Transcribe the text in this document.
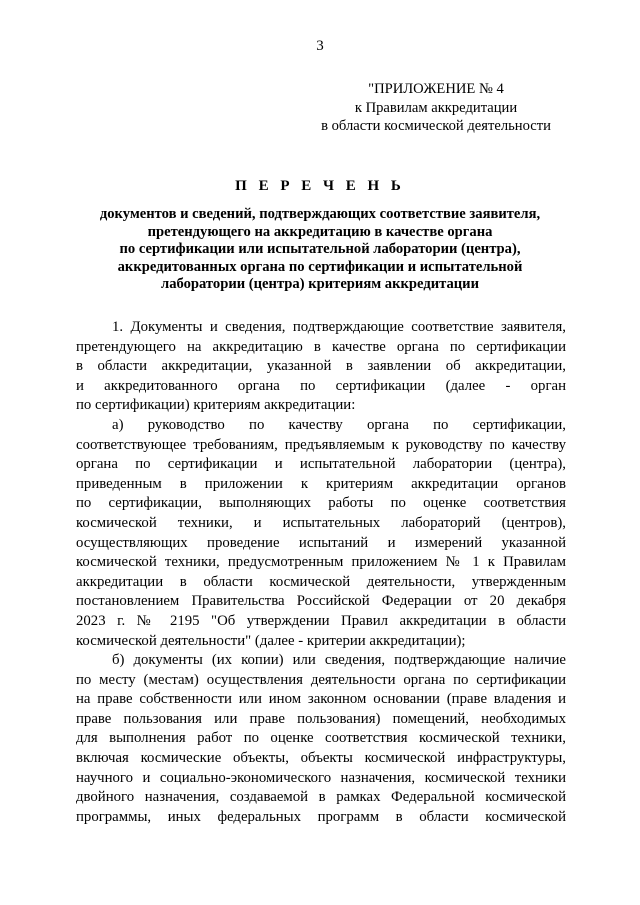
3
"ПРИЛОЖЕНИЕ № 4
к Правилам аккредитации
в области космической деятельности
П Е Р Е Ч Е Н Ь
документов и сведений, подтверждающих соответствие заявителя,
претендующего на аккредитацию в качестве органа
по сертификации или испытательной лаборатории (центра),
аккредитованных органа по сертификации и испытательной
лаборатории (центра) критериям аккредитации
1. Документы и сведения, подтверждающие соответствие заявителя,
претендующего на аккредитацию в качестве органа по сертификации
в области аккредитации, указанной в заявлении об аккредитации,
и аккредитованного органа по сертификации (далее - орган
по сертификации) критериям аккредитации:
а) руководство по качеству органа по сертификации,
соответствующее требованиям, предъявляемым к руководству по качеству
органа по сертификации и испытательной лаборатории (центра),
приведенным в приложении к критериям аккредитации органов
по сертификации, выполняющих работы по оценке соответствия
космической техники, и испытательных лабораторий (центров),
осуществляющих проведение испытаний и измерений указанной
космической техники, предусмотренным приложением № 1 к Правилам
аккредитации в области космической деятельности, утвержденным
постановлением Правительства Российской Федерации от 20 декабря
2023 г. № 2195 "Об утверждении Правил аккредитации в области
космической деятельности" (далее - критерии аккредитации);
б) документы (их копии) или сведения, подтверждающие наличие
по месту (местам) осуществления деятельности органа по сертификации
на праве собственности или ином законном основании (праве владения и
праве пользования или праве пользования) помещений, необходимых
для выполнения работ по оценке соответствия космической техники,
включая космические объекты, объекты космической инфраструктуры,
научного и социально-экономического назначения, космической техники
двойного назначения, создаваемой в рамках Федеральной космической
программы, иных федеральных программ в области космической
